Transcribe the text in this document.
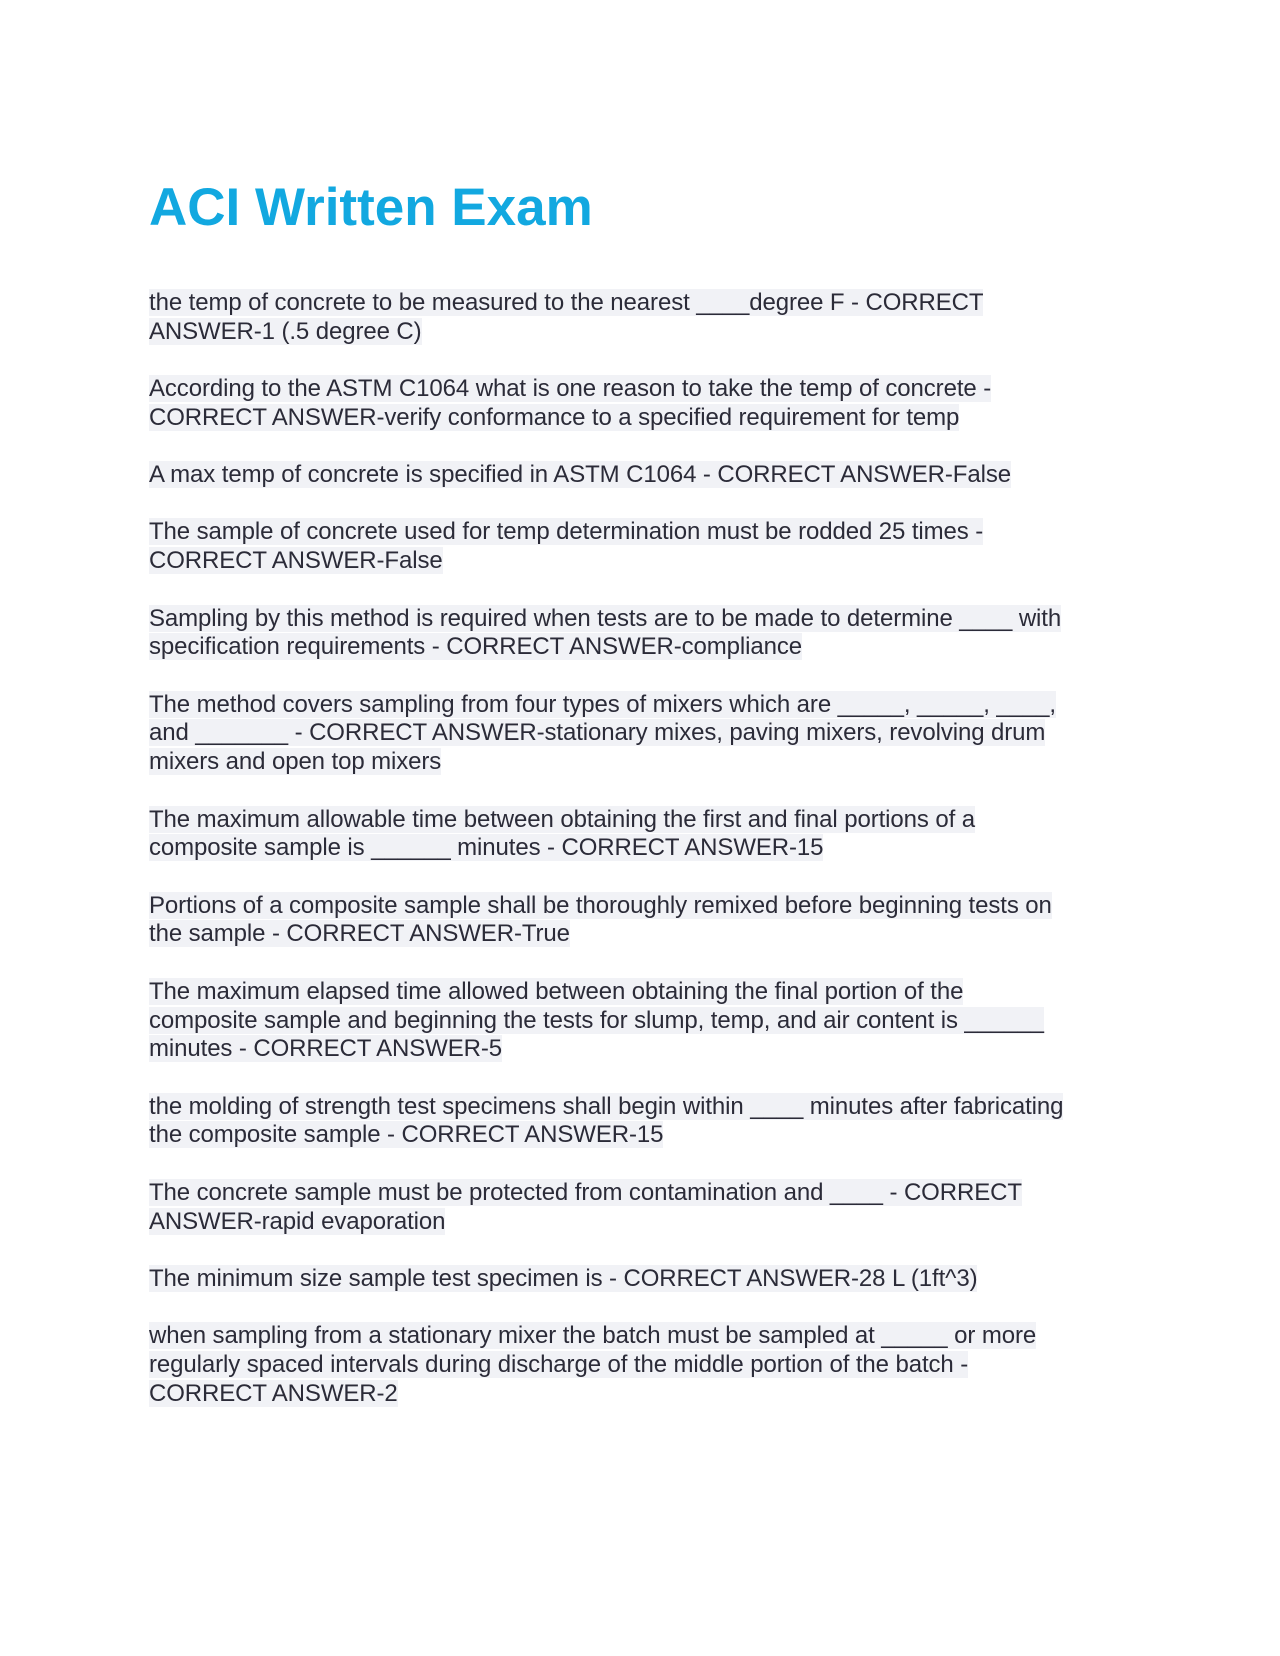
ACI Written Exam

the temp of concrete to be measured to the nearest ____degree F - CORRECT
ANSWER-1 (.5 degree C)

According to the ASTM C1064 what is one reason to take the temp of concrete -
CORRECT ANSWER-verify conformance to a specified requirement for temp

A max temp of concrete is specified in ASTM C1064 - CORRECT ANSWER-False

The sample of concrete used for temp determination must be rodded 25 times -
CORRECT ANSWER-False

Sampling by this method is required when tests are to be made to determine ____ with
specification requirements - CORRECT ANSWER-compliance

The method covers sampling from four types of mixers which are _____, _____, ____,
and _______ - CORRECT ANSWER-stationary mixes, paving mixers, revolving drum
mixers and open top mixers

The maximum allowable time between obtaining the first and final portions of a
composite sample is ______ minutes - CORRECT ANSWER-15

Portions of a composite sample shall be thoroughly remixed before beginning tests on
the sample - CORRECT ANSWER-True

The maximum elapsed time allowed between obtaining the final portion of the
composite sample and beginning the tests for slump, temp, and air content is ______
minutes - CORRECT ANSWER-5

the molding of strength test specimens shall begin within ____ minutes after fabricating
the composite sample - CORRECT ANSWER-15

The concrete sample must be protected from contamination and ____ - CORRECT
ANSWER-rapid evaporation

The minimum size sample test specimen is - CORRECT ANSWER-28 L (1ft^3)

when sampling from a stationary mixer the batch must be sampled at _____ or more
regularly spaced intervals during discharge of the middle portion of the batch -
CORRECT ANSWER-2
